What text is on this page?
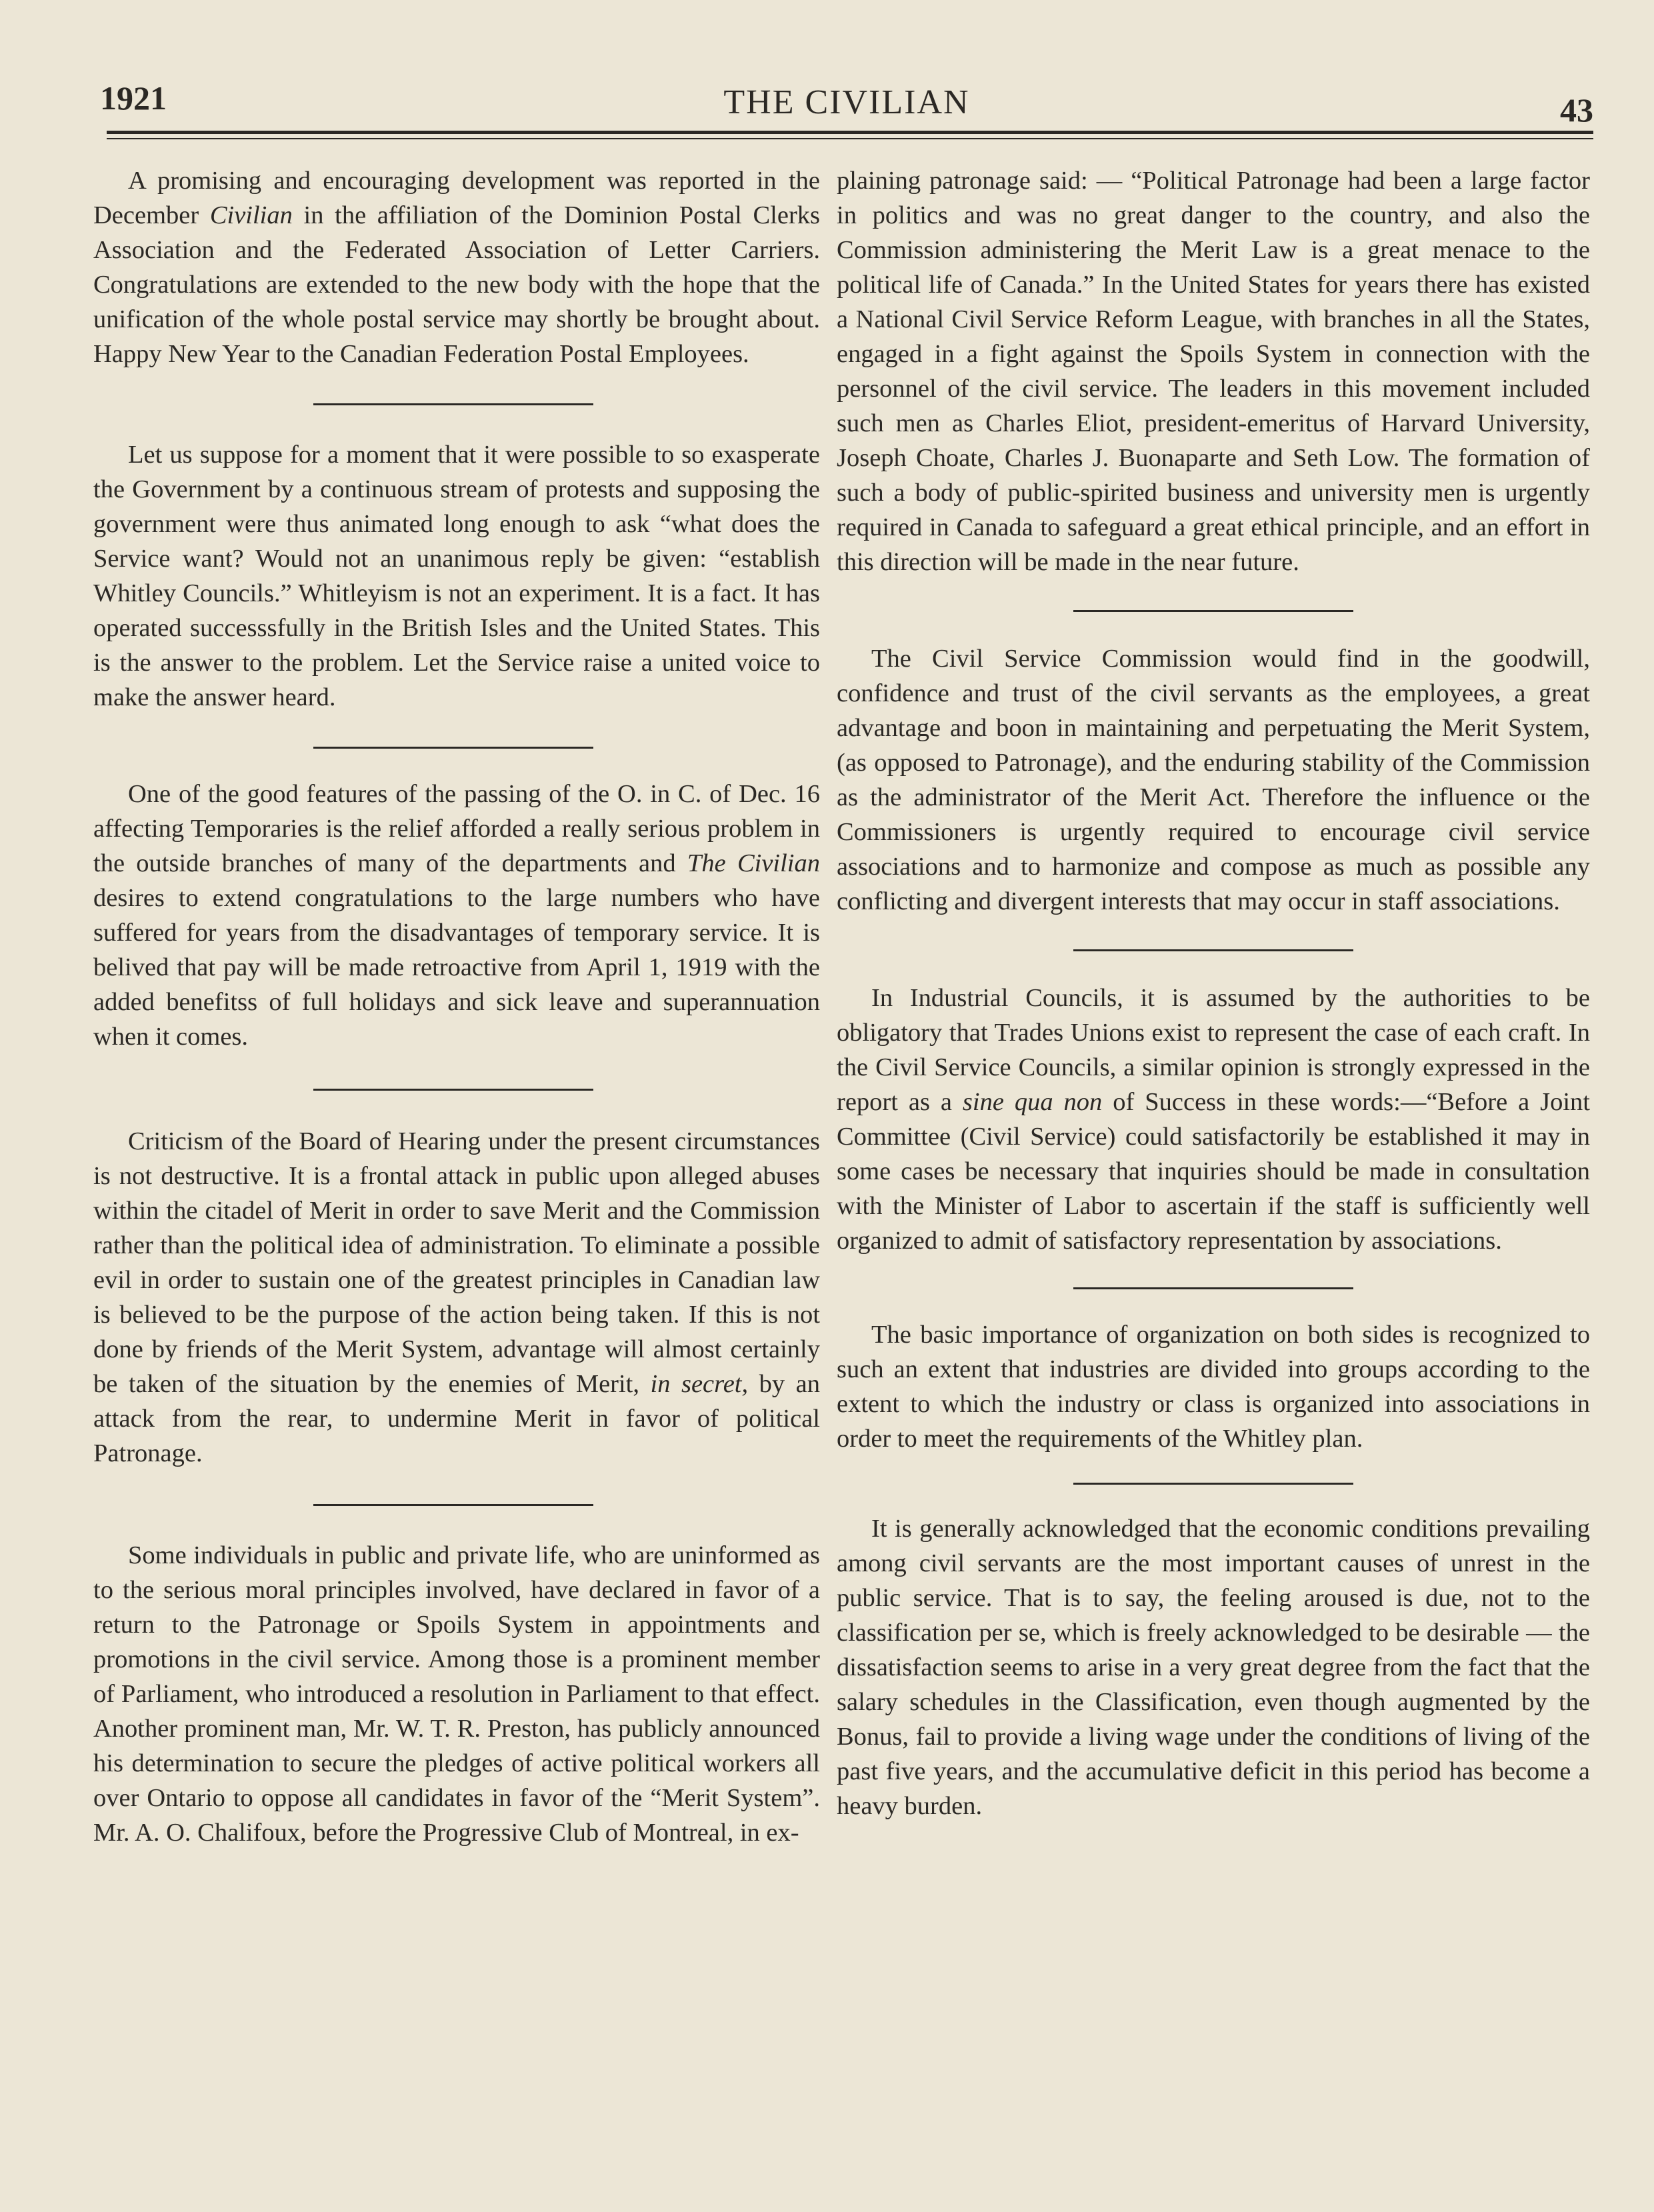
1921	THE CIVILIAN	43

A promising and encouraging development was reported in the December Civilian in the affiliation of the Dominion Postal Clerks Association and the Federated Association of Letter Carriers. Congratulations are extended to the new body with the hope that the unification of the whole postal service may shortly be brought about. Happy New Year to the Canadian Federation Postal Employees.

Let us suppose for a moment that it were possible to so exasperate the Government by a continuous stream of protests and supposing the government were thus animated long enough to ask “what does the Service want? Would not an unanimous reply be given: “establish Whitley Councils.” Whitleyism is not an experiment. It is a fact. It has operated successsfully in the British Isles and the United States. This is the answer to the problem. Let the Service raise a united voice to make the answer heard.

One of the good features of the passing of the O. in C. of Dec. 16 affecting Temporaries is the relief afforded a really serious problem in the outside branches of many of the departments and The Civilian desires to extend congratulations to the large numbers who have suffered for years from the disadvantages of temporary service. It is belived that pay will be made retroactive from April 1, 1919 with the added benefitss of full holidays and sick leave and superannuation when it comes.

Criticism of the Board of Hearing under the present circumstances is not destructive. It is a frontal attack in public upon alleged abuses within the citadel of Merit in order to save Merit and the Commission rather than the political idea of administration. To eliminate a possible evil in order to sustain one of the greatest principles in Canadian law is believed to be the purpose of the action being taken. If this is not done by friends of the Merit System, advantage will almost certainly be taken of the situation by the enemies of Merit, in secret, by an attack from the rear, to undermine Merit in favor of political Patronage.

Some individuals in public and private life, who are uninformed as to the serious moral principles involved, have declared in favor of a return to the Patronage or Spoils System in appointments and promotions in the civil service. Among those is a prominent member of Parliament, who introduced a resolution in Parliament to that effect. Another prominent man, Mr. W. T. R. Preston, has publicly announced his determination to secure the pledges of active political workers all over Ontario to oppose all candidates in favor of the “Merit System”. Mr. A. O. Chalifoux, before the Progressive Club of Montreal, in ex-

plaining patronage said: — “Political Patronage had been a large factor in politics and was no great danger to the country, and also the Commission administering the Merit Law is a great menace to the political life of Canada.” In the United States for years there has existed a National Civil Service Reform League, with branches in all the States, engaged in a fight against the Spoils System in connection with the personnel of the civil service. The leaders in this movement included such men as Charles Eliot, president-emeritus of Harvard University, Joseph Choate, Charles J. Buonaparte and Seth Low. The formation of such a body of public-spirited business and university men is urgently required in Canada to safeguard a great ethical principle, and an effort in this direction will be made in the near future.

The Civil Service Commission would find in the goodwill, confidence and trust of the civil servants as the employees, a great advantage and boon in maintaining and perpetuating the Merit System, (as opposed to Patronage), and the enduring stability of the Commission as the administrator of the Merit Act. Therefore the influence oɪ the Commissioners is urgently required to encourage civil service associations and to harmonize and compose as much as possible any conflicting and divergent interests that may occur in staff associations.

In Industrial Councils, it is assumed by the authorities to be obligatory that Trades Unions exist to represent the case of each craft. In the Civil Service Councils, a similar opinion is strongly expressed in the report as a sine qua non of Success in these words:—“Before a Joint Committee (Civil Service) could satisfactorily be established it may in some cases be necessary that inquiries should be made in consultation with the Minister of Labor to ascertain if the staff is sufficiently well organized to admit of satisfactory representation by associations.

The basic importance of organization on both sides is recognized to such an extent that industries are divided into groups according to the extent to which the industry or class is organized into associations in order to meet the requirements of the Whitley plan.

It is generally acknowledged that the economic conditions prevailing among civil servants are the most important causes of unrest in the public service. That is to say, the feeling aroused is due, not to the classification per se, which is freely acknowledged to be desirable — the dissatisfaction seems to arise in a very great degree from the fact that the salary schedules in the Classification, even though augmented by the Bonus, fail to provide a living wage under the conditions of living of the past five years, and the accumulative deficit in this period has become a heavy burden.
